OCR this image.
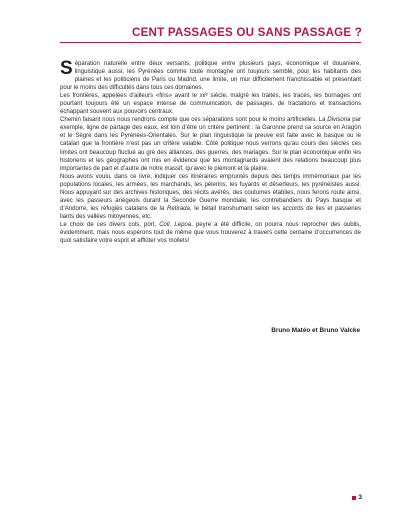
CENT PASSAGES OU SANS PASSAGE ?

Séparation naturelle entre deux versants, politique entre plusieurs pays, économique et douanière, linguistique aussi, les Pyrénées comme toute montagne ont toujours semblé, pour les habitants des plaines et les politiciens de Paris ou Madrid, une limite, un mur difficilement franchissable et présentant pour le moins des difficultés dans tous ces domaines.

Les frontières, appelées d’ailleurs «fins» avant le xiiᵉ siècle, malgré les traités, les tracés, les bornages ont pourtant toujours été un espace intense de communication, de passages, de tractations et transactions échappant souvent aux pouvoirs centraux.

Chemin faisant nous nous rendrons compte que ces séparations sont pour le moins artificielles. La Divisoria par exemple, ligne de partage des eaux, est loin d’être un critère pertinent : la Garonne prend sa source en Aragón et le Sègre dans les Pyrénées-Orientales. Sur le plan linguistique la preuve est faite avec le basque ou le catalan que la frontière n’est pas un critère valable. Côté politique nous verrons qu’au cours des siècles ces limites ont beaucoup fluctué au gré des alliances, des guerres, des mariages. Sur le plan économique enfin les historiens et les géographes ont mis en évidence que les montagnards avaient des relations beaucoup plus importantes de part et d’autre de notre massif, qu’avec le piémont et la plaine.

Nous avons voulu, dans ce livre, indiquer ces itinéraires empruntés depuis des temps immémoriaux par les populations locales, les armées, les marchands, les pèlerins, les fuyards et déserteurs, les pyrénéistes aussi. Nous appuyant sur des archives historiques, des récits avérés, des coutumes établies, nous ferons route ainsi, avec les passeurs ariégeois durant la Seconde Guerre mondiale, les contrebandiers du Pays basque et d’Andorre, les réfugiés catalans de la Retirada, le bétail transhumant selon les accords de lies et passeries liants des vallées mitoyennes, etc.

Le choix de ces divers cols, port, Coll, Lepoa, peyre a été difficile, on pourra nous reprocher des oublis, évidemment, mais nous espérons tout de même que vous trouverez à travers cette centaine d’occurrences de quoi satisfaire votre esprit et afflûter vos mollets!

Bruno Matéo et Bruno Valcke
3
